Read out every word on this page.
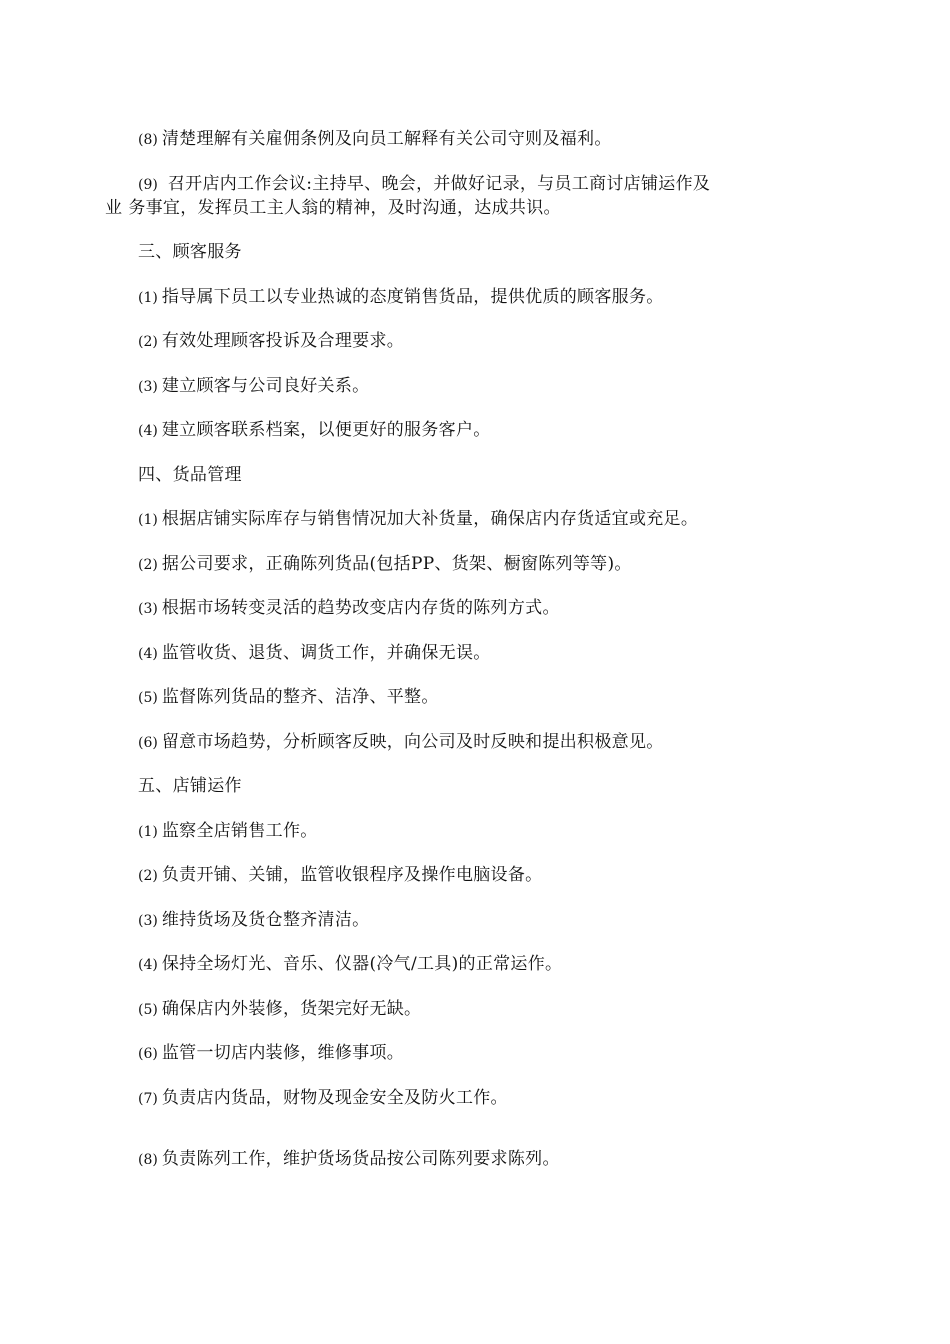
(8) 清楚理解有关雇佣条例及向员工解释有关公司守则及福利。
(9) 召开店内工作会议:主持早、晚会，并做好记录，与员工商讨店铺运作及
业 务事宜，发挥员工主人翁的精神，及时沟通，达成共识。
三、顾客服务
(1) 指导属下员工以专业热诚的态度销售货品，提供优质的顾客服务。
(2) 有效处理顾客投诉及合理要求。
(3) 建立顾客与公司良好关系。
(4) 建立顾客联系档案，以便更好的服务客户。
四、货品管理
(1) 根据店铺实际库存与销售情况加大补货量，确保店内存货适宜或充足。
(2) 据公司要求，正确陈列货品(包括PP、货架、橱窗陈列等等)。
(3) 根据市场转变灵活的趋势改变店内存货的陈列方式。
(4) 监管收货、退货、调货工作，并确保无误。
(5) 监督陈列货品的整齐、洁净、平整。
(6) 留意市场趋势，分析顾客反映，向公司及时反映和提出积极意见。
五、店铺运作
(1) 监察全店销售工作。
(2) 负责开铺、关铺，监管收银程序及操作电脑设备。
(3) 维持货场及货仓整齐清洁。
(4) 保持全场灯光、音乐、仪器(冷气/工具)的正常运作。
(5) 确保店内外装修，货架完好无缺。
(6) 监管一切店内装修，维修事项。
(7) 负责店内货品，财物及现金安全及防火工作。
(8) 负责陈列工作，维护货场货品按公司陈列要求陈列。
